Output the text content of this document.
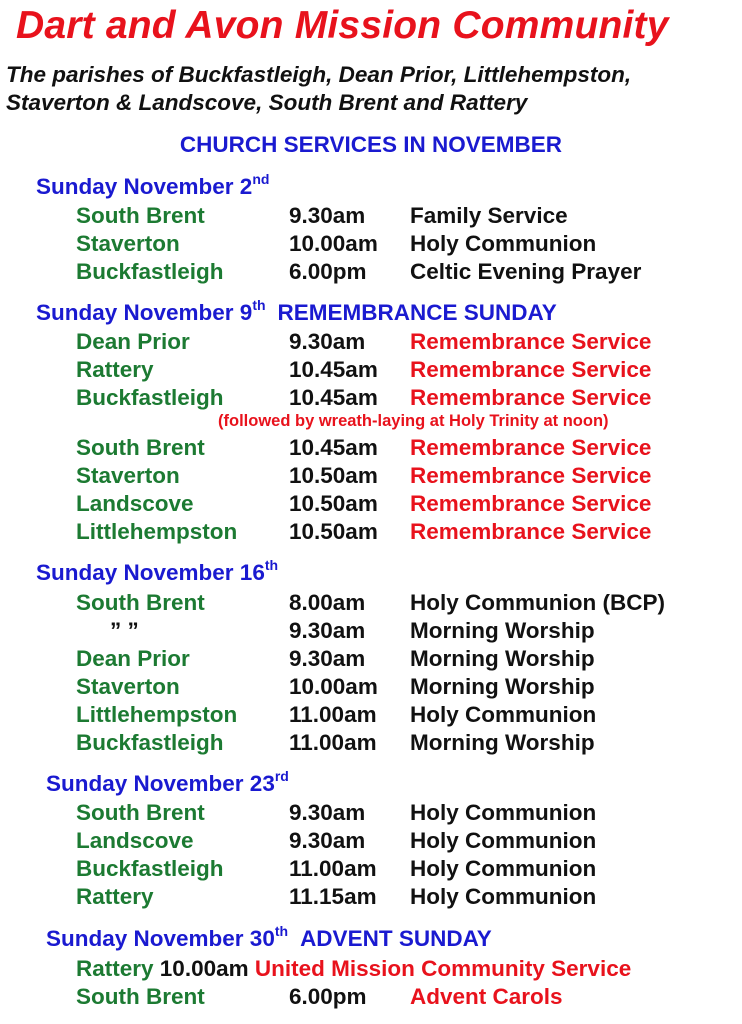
Dart and Avon Mission Community
The parishes of Buckfastleigh, Dean Prior, Littlehempston,
Staverton & Landscove, South Brent and Rattery
CHURCH SERVICES IN NOVEMBER
Sunday November 2nd
South Brent	9.30am Family Service
Staverton	10.00am Holy Communion
Buckfastleigh	6.00pm Celtic Evening Prayer
Sunday November 9th REMEMBRANCE SUNDAY
Dean Prior	9.30am Remembrance Service
Rattery	10.45am Remembrance Service
Buckfastleigh	10.45am Remembrance Service
(followed by wreath-laying at Holy Trinity at noon)
South Brent	10.45am Remembrance Service
Staverton	10.50am Remembrance Service
Landscove	10.50am Remembrance Service
Littlehempston 10.50am Remembrance Service
Sunday November 16th
South Brent	8.00am Holy Communion (BCP)
” ”	9.30am Morning Worship
Dean Prior	9.30am Morning Worship
Staverton	10.00am Morning Worship
Littlehempston 11.00am Holy Communion
Buckfastleigh	11.00am Morning Worship
Sunday November 23rd
South Brent	9.30am Holy Communion
Landscove	9.30am Holy Communion
Buckfastleigh	11.00am Holy Communion
Rattery	11.15am Holy Communion
Sunday November 30th ADVENT SUNDAY
Rattery 10.00am United Mission Community Service
South Brent	6.00pm Advent Carols
